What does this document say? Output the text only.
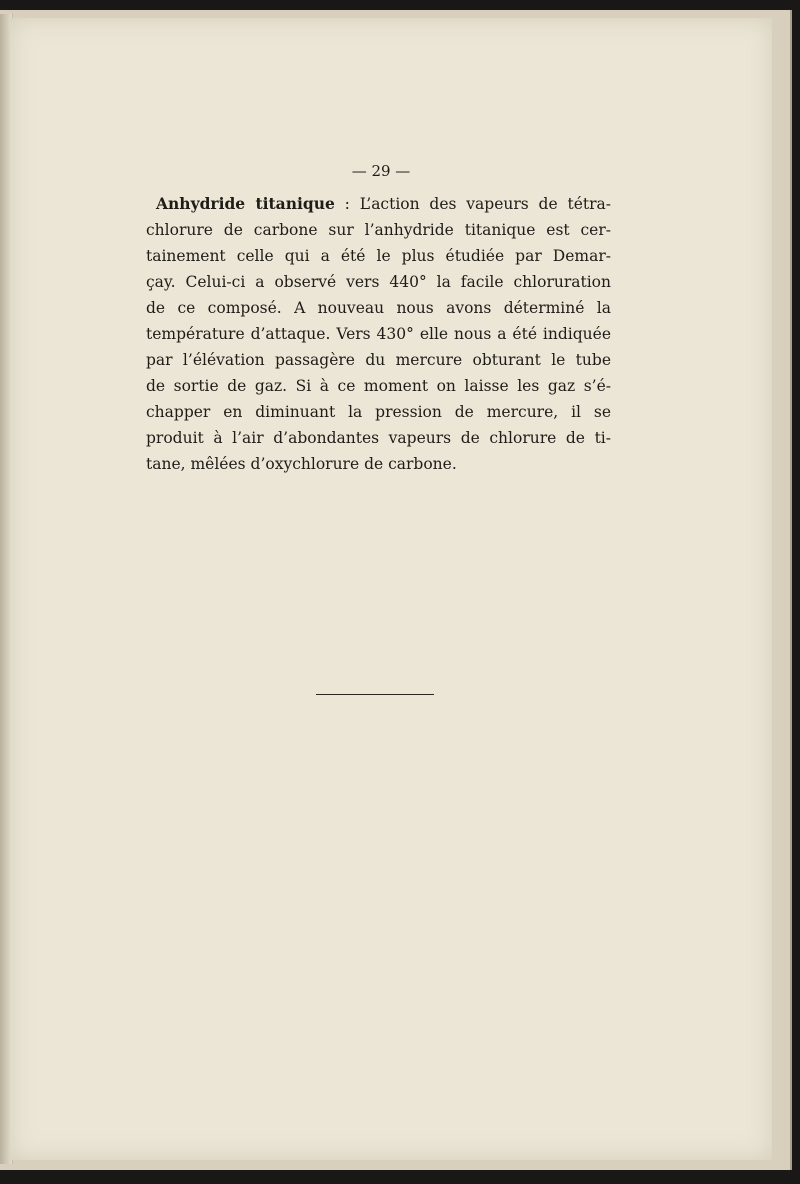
— 29 —

Anhydride titanique : L’action des vapeurs de tétra-
chlorure de carbone sur l’anhydride titanique est cer-
tainement celle qui a été le plus étudiée par Demar-
çay. Celui-ci a observé vers 440° la facile chloruration
de ce composé. A nouveau nous avons déterminé la
température d’attaque. Vers 430° elle nous a été indiquée
par l’élévation passagère du mercure obturant le tube
de sortie de gaz. Si à ce moment on laisse les gaz s’é-
chapper en diminuant la pression de mercure, il se
produit à l’air d’abondantes vapeurs de chlorure de ti-
tane, mêlées d’oxychlorure de carbone.
